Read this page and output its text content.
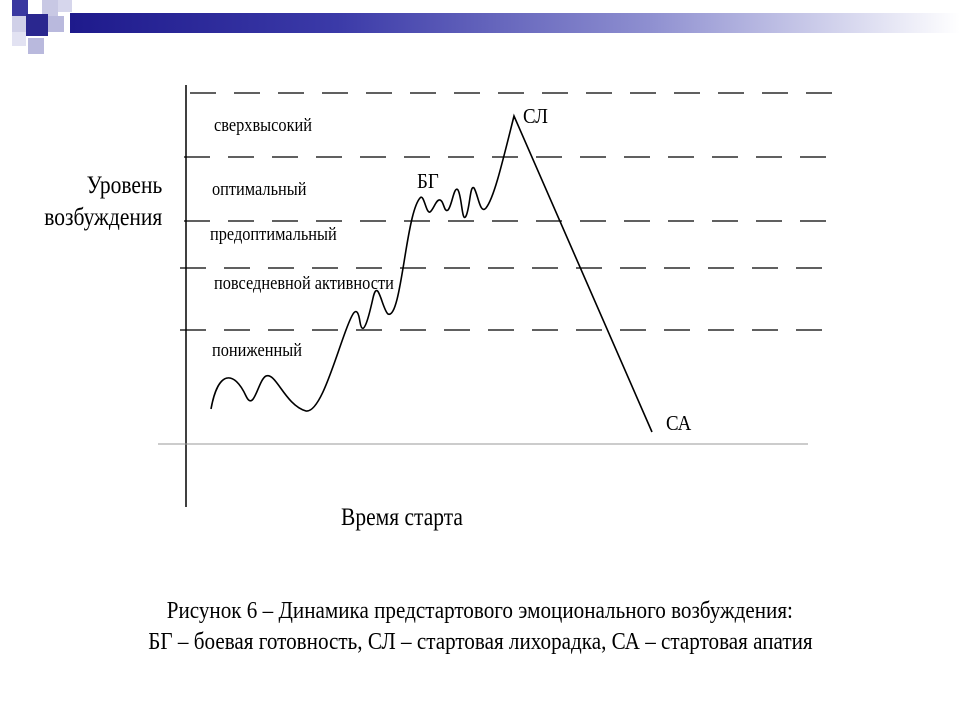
Уровень
возбуждения
Время старта
сверхвысокий
оптимальный
предоптимальный
повседневной активности
пониженный
БГ
СЛ
СА
Рисунок 6 – Динамика предстартового эмоционального возбуждения:
БГ – боевая готовность, СЛ – стартовая лихорадка, СА – стартовая апатия
